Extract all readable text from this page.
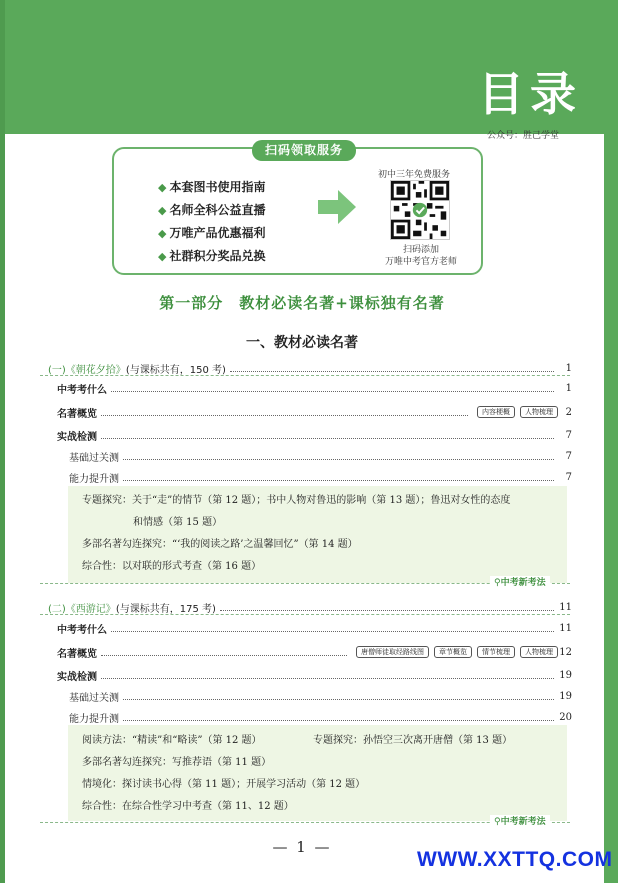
目录
公众号：胜己学堂
扫码领取服务
◆ 本套图书使用指南
◆ 名师全科公益直播
◆ 万唯产品优惠福利
◆ 社群积分奖品兑换
初中三年免费服务
扫码添加
万唯中考官方老师
第一部分　教材必读名著+课标独有名著
一、教材必读名著
(一)《朝花夕拾》(与课标共有，150 考)	1
中考考什么	1
名著概览	内容梗概	人物梳理	2
实战检测	7
基础过关测	7
能力提升测	7
专题探究：关于“走”的情节（第 12 题）；书中人物对鲁迅的影响（第 13 题）；鲁迅对女性的态度
和情感（第 15 题）
多部名著勾连探究：“‘我的阅读之路’之温馨回忆”（第 14 题）
综合性：以对联的形式考查（第 16 题）
⚲中考新考法
(二)《西游记》(与课标共有，175 考)	11
中考考什么	11
名著概览	唐僧师徒取经路线图	章节概览	情节梳理	人物梳理 12
实战检测	19
基础过关测	19
能力提升测	20
阅读方法：“精读”和“略读”（第 12 题）	专题探究：孙悟空三次离开唐僧（第 13 题）
多部名著勾连探究：写推荐语（第 11 题）
情境化：探讨读书心得（第 11 题）；开展学习活动（第 12 题）
综合性：在综合性学习中考查（第 11、12 题）
⚲中考新考法
— 1 —
WWW.XXTTQ.COM
